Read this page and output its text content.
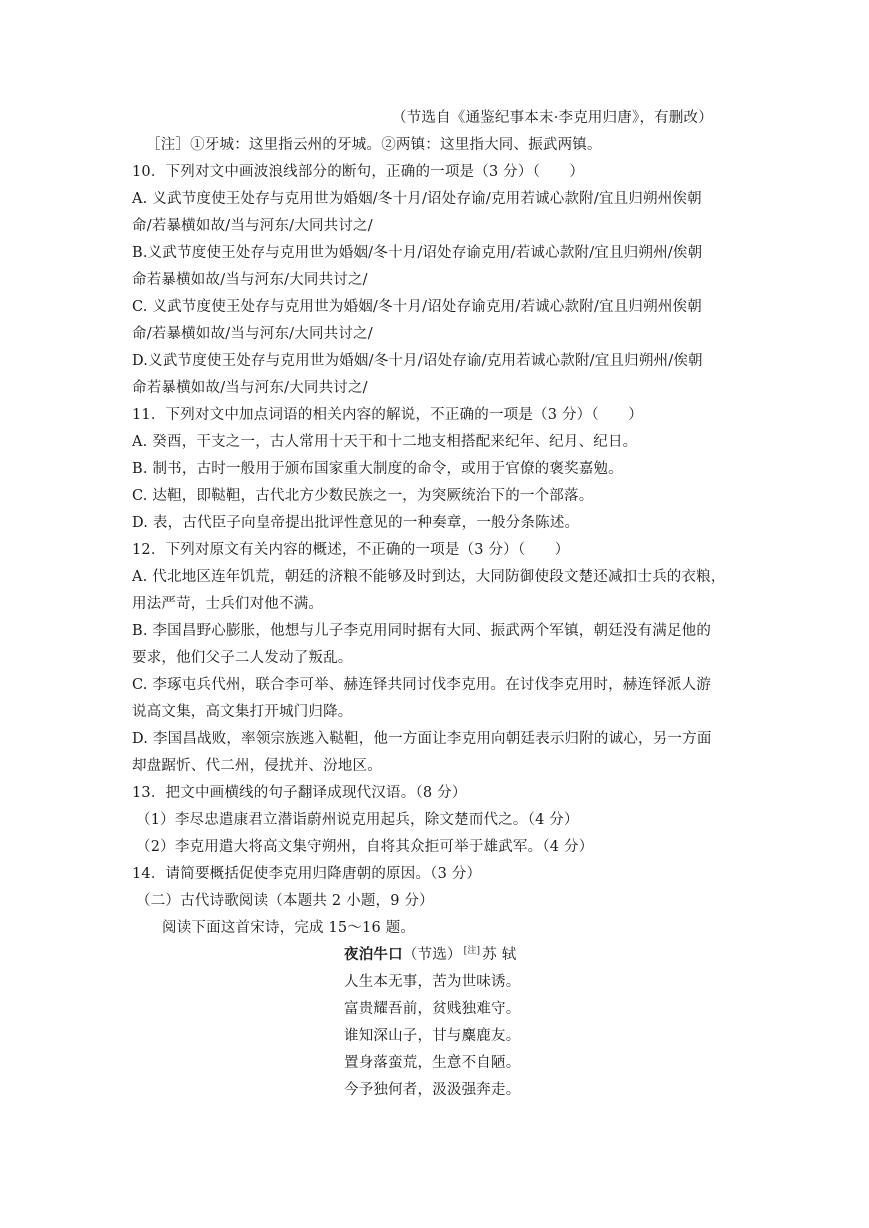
（节选自《通鉴纪事本末·李克用归唐》，有删改）
［注］①牙城：这里指云州的牙城。②两镇：这里指大同、振武两镇。
10．下列对文中画波浪线部分的断句，正确的一项是（3 分）（　　）
A. 义武节度使王处存与克用世为婚姻/冬十月/诏处存谕/克用若诚心款附/宜且归朔州俟朝
命/若暴横如故/当与河东/大同共讨之/
B.义武节度使王处存与克用世为婚姻/冬十月/诏处存谕克用/若诚心款附/宜且归朔州/俟朝
命若暴横如故/当与河东/大同共讨之/
C. 义武节度使王处存与克用世为婚姻/冬十月/诏处存谕克用/若诚心款附/宜且归朔州俟朝
命/若暴横如故/当与河东/大同共讨之/
D.义武节度使王处存与克用世为婚姻/冬十月/诏处存谕/克用若诚心款附/宜且归朔州/俟朝
命若暴横如故/当与河东/大同共讨之/
11．下列对文中加点词语的相关内容的解说，不正确的一项是（3 分）（　　）
A. 癸酉，干支之一，古人常用十天干和十二地支相搭配来纪年、纪月、纪日。
B. 制书，古时一般用于颁布国家重大制度的命令，或用于官僚的褒奖嘉勉。
C. 达靼，即鞑靼，古代北方少数民族之一，为突厥统治下的一个部落。
D. 表，古代臣子向皇帝提出批评性意见的一种奏章，一般分条陈述。
12．下列对原文有关内容的概述，不正确的一项是（3 分）（　　）
A. 代北地区连年饥荒，朝廷的济粮不能够及时到达，大同防御使段文楚还减扣士兵的衣粮，
用法严苛，士兵们对他不满。
B. 李国昌野心膨胀，他想与儿子李克用同时据有大同、振武两个军镇，朝廷没有满足他的
要求，他们父子二人发动了叛乱。
C. 李琢屯兵代州，联合李可举、赫连铎共同讨伐李克用。在讨伐李克用时，赫连铎派人游
说高文集，高文集打开城门归降。
D. 李国昌战败，率领宗族逃入鞑靼，他一方面让李克用向朝廷表示归附的诚心，另一方面
却盘踞忻、代二州，侵扰并、汾地区。
13．把文中画横线的句子翻译成现代汉语。（8 分）
（1）李尽忠遣康君立潜诣蔚州说克用起兵，除文楚而代之。（4 分）
（2）李克用遣大将高文集守朔州，自将其众拒可举于雄武军。（4 分）
14．请简要概括促使李克用归降唐朝的原因。（3 分）
（二）古代诗歌阅读（本题共 2 小题，9 分）
阅读下面这首宋诗，完成 15～16 题。
夜泊牛口（节选） [注] 苏 轼
人生本无事，苦为世味诱。
富贵耀吾前，贫贱独难守。
谁知深山子，甘与麋鹿友。
置身落蛮荒，生意不自陋。
今予独何者，汲汲强奔走。
